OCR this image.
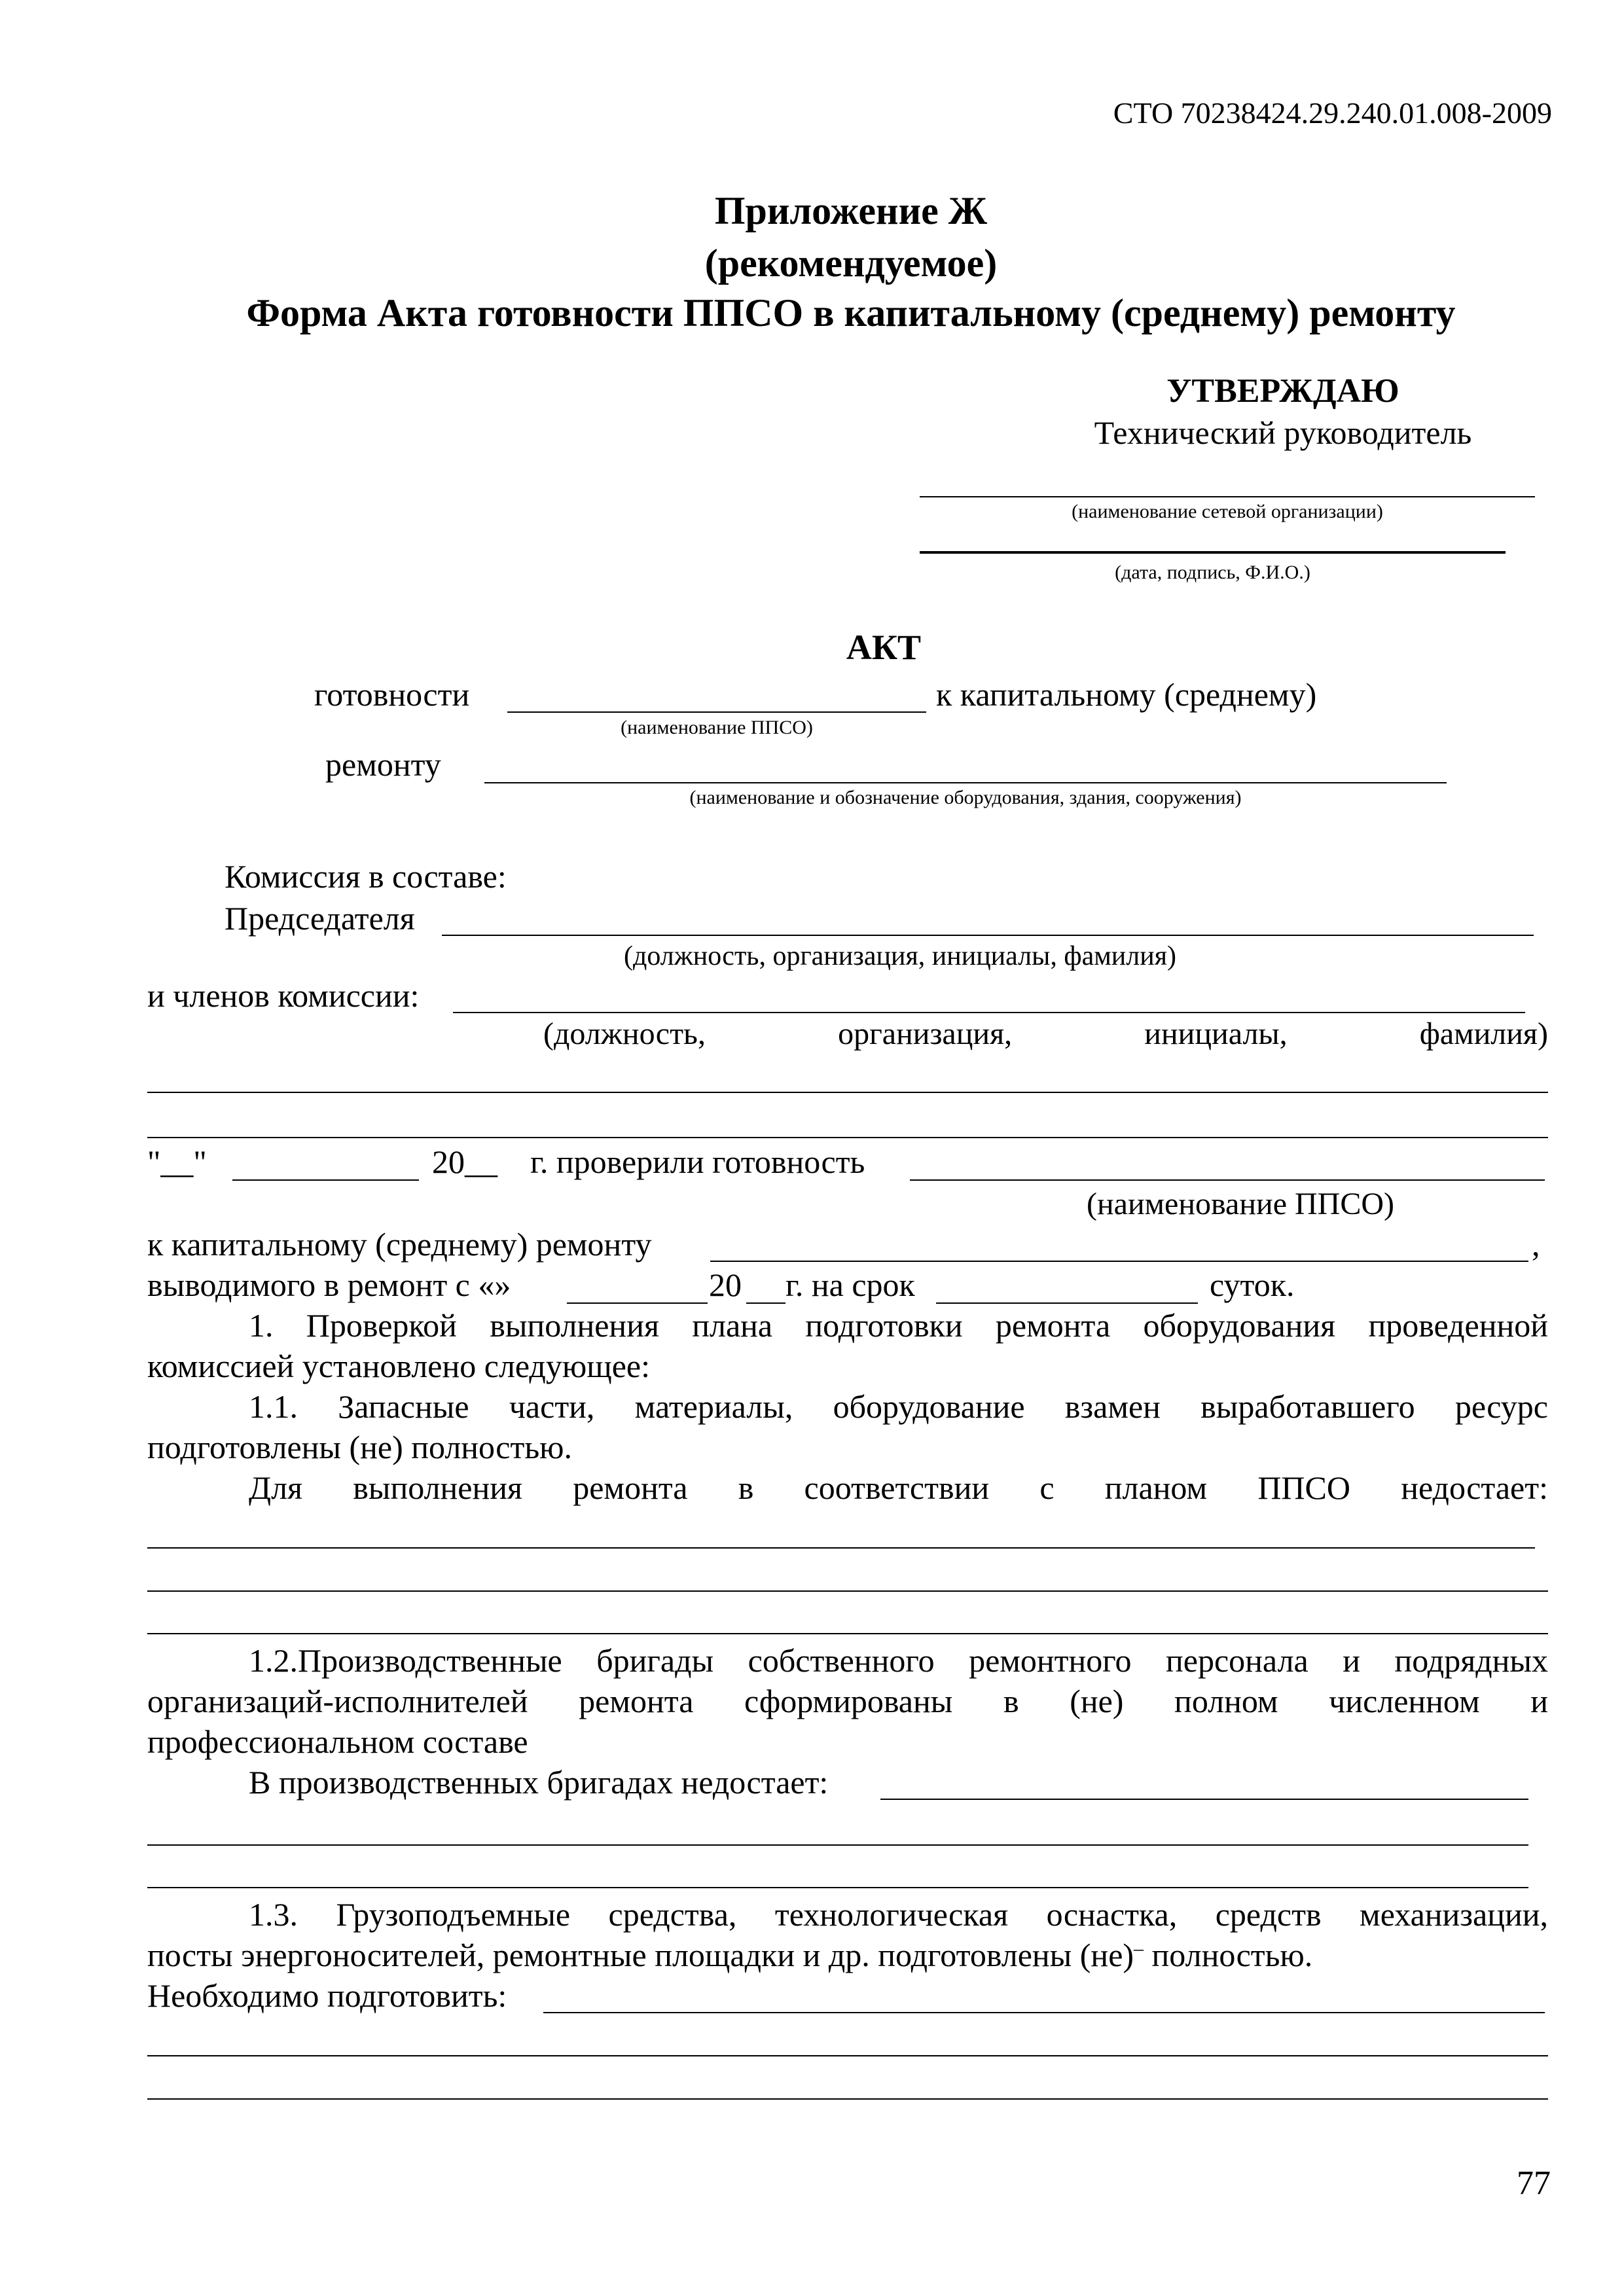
СТО 70238424.29.240.01.008-2009
Приложение Ж
(рекомендуемое)
Форма Акта готовности ППСО в капитальному (среднему) ремонту
УТВЕРЖДАЮ
Технический руководитель
(наименование сетевой организации)
(дата, подпись, Ф.И.О.)
АКТ
готовности	к капитальному (среднему)
(наименование ППСО)
ремонту
(наименование и обозначение оборудования, здания, сооружения)
Комиссия в составе:
Председателя
(должность, организация, инициалы, фамилия)
и членов комиссии:
(должность,	организация,	инициалы,	фамилия)
"__"	20__ г. проверили готовность
(наименование ППСО)
к капитальному (среднему) ремонту	,
выводимого в ремонт с «»	20 г. на срок	суток.
1. Проверкой выполнения плана подготовки ремонта оборудования проведенной
комиссией установлено следующее:
1.1. Запасные части, материалы, оборудование взамен выработавшего ресурс
подготовлены (не) полностью.
Для выполнения ремонта в соответствии с планом ППСО недостает:
1.2.Производственные бригады собственного ремонтного персонала и подрядных
организаций-исполнителей ремонта сформированы в (не) полном численном и
профессиональном составе
В производственных бригадах недостает:
1.3. Грузоподъемные средства, технологическая оснастка, средств механизации,
посты энергоносителей, ремонтные площадки и др. подготовлены (не)– полностью.
Необходимо подготовить:
77
